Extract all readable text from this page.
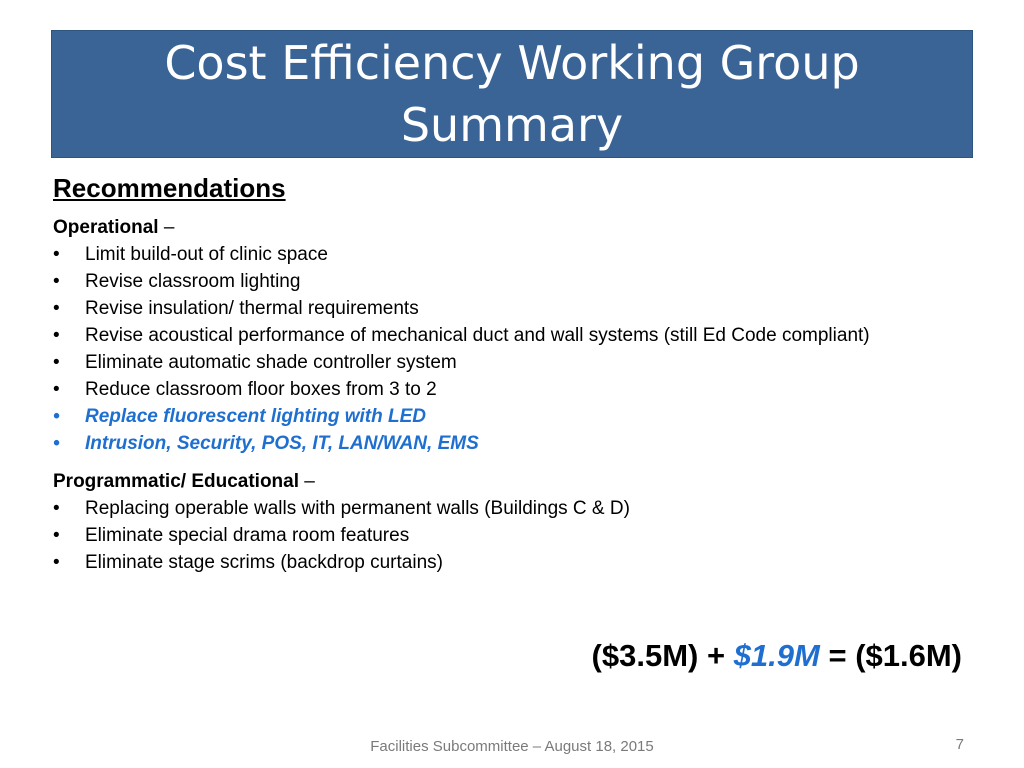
Cost Efficiency Working Group
Summary
Recommendations
Operational –
• Limit build-out of clinic space
• Revise classroom lighting
• Revise insulation/ thermal requirements
• Revise acoustical performance of mechanical duct and wall systems (still Ed Code compliant)
• Eliminate automatic shade controller system
• Reduce classroom floor boxes from 3 to 2
• Replace fluorescent lighting with LED
• Intrusion, Security, POS, IT, LAN/WAN, EMS
Programmatic/ Educational –
• Replacing operable walls with permanent walls (Buildings C & D)
• Eliminate special drama room features
• Eliminate stage scrims (backdrop curtains)
($3.5M) + $1.9M = ($1.6M)
Facilities Subcommittee – August 18, 2015	7
